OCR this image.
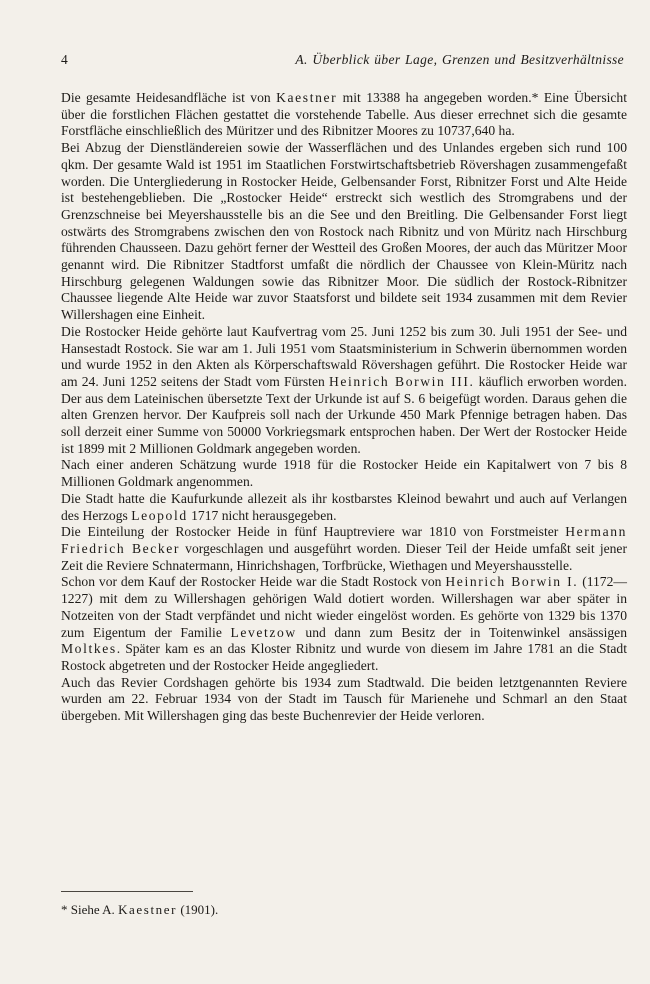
4	A. Überblick über Lage, Grenzen und Besitzverhältnisse

Die gesamte Heidesandfläche ist von Kaestner mit 13388 ha angegeben worden.* Eine Übersicht über die forstlichen Flächen gestattet die vorstehende Tabelle. Aus dieser errechnet sich die gesamte Forstfläche einschließlich des Müritzer und des Ribnitzer Moores zu 10737,640 ha.

Bei Abzug der Dienstländereien sowie der Wasserflächen und des Unlandes ergeben sich rund 100 qkm. Der gesamte Wald ist 1951 im Staatlichen Forstwirtschaftsbetrieb Rövershagen zusammengefaßt worden. Die Untergliederung in Rostocker Heide, Gelbensander Forst, Ribnitzer Forst und Alte Heide ist bestehengeblieben. Die „Rostocker Heide“ erstreckt sich westlich des Stromgrabens und der Grenzschneise bei Meyershausstelle bis an die See und den Breitling. Die Gelbensander Forst liegt ostwärts des Stromgrabens zwischen den von Rostock nach Ribnitz und von Müritz nach Hirschburg führenden Chausseen. Dazu gehört ferner der Westteil des Großen Moores, der auch das Müritzer Moor genannt wird. Die Ribnitzer Stadtforst umfaßt die nördlich der Chaussee von Klein-Müritz nach Hirschburg gelegenen Waldungen sowie das Ribnitzer Moor. Die südlich der Rostock-Ribnitzer Chaussee liegende Alte Heide war zuvor Staatsforst und bildete seit 1934 zusammen mit dem Revier Willershagen eine Einheit.

Die Rostocker Heide gehörte laut Kaufvertrag vom 25. Juni 1252 bis zum 30. Juli 1951 der See- und Hansestadt Rostock. Sie war am 1. Juli 1951 vom Staatsministerium in Schwerin übernommen worden und wurde 1952 in den Akten als Körperschaftswald Rövershagen geführt. Die Rostocker Heide war am 24. Juni 1252 seitens der Stadt vom Fürsten Heinrich Borwin III. käuflich erworben worden. Der aus dem Lateinischen übersetzte Text der Urkunde ist auf S. 6 beigefügt worden. Daraus gehen die alten Grenzen hervor. Der Kaufpreis soll nach der Urkunde 450 Mark Pfennige betragen haben. Das soll derzeit einer Summe von 50000 Vorkriegsmark entsprochen haben. Der Wert der Rostocker Heide ist 1899 mit 2 Millionen Goldmark angegeben worden.

Nach einer anderen Schätzung wurde 1918 für die Rostocker Heide ein Kapitalwert von 7 bis 8 Millionen Goldmark angenommen.

Die Stadt hatte die Kaufurkunde allezeit als ihr kostbarstes Kleinod bewahrt und auch auf Verlangen des Herzogs Leopold 1717 nicht herausgegeben.

Die Einteilung der Rostocker Heide in fünf Hauptreviere war 1810 von Forstmeister Hermann Friedrich Becker vorgeschlagen und ausgeführt worden. Dieser Teil der Heide umfaßt seit jener Zeit die Reviere Schnatermann, Hinrichshagen, Torfbrücke, Wiethagen und Meyershausstelle.

Schon vor dem Kauf der Rostocker Heide war die Stadt Rostock von Heinrich Borwin I. (1172—1227) mit dem zu Willershagen gehörigen Wald dotiert worden. Willershagen war aber später in Notzeiten von der Stadt verpfändet und nicht wieder eingelöst worden. Es gehörte von 1329 bis 1370 zum Eigentum der Familie Levetzow und dann zum Besitz der in Toitenwinkel ansässigen Moltkes. Später kam es an das Kloster Ribnitz und wurde von diesem im Jahre 1781 an die Stadt Rostock abgetreten und der Rostocker Heide angegliedert.

Auch das Revier Cordshagen gehörte bis 1934 zum Stadtwald. Die beiden letztgenannten Reviere wurden am 22. Februar 1934 von der Stadt im Tausch für Marienehe und Schmarl an den Staat übergeben. Mit Willershagen ging das beste Buchenrevier der Heide verloren.

* Siehe A. Kaestner (1901).
